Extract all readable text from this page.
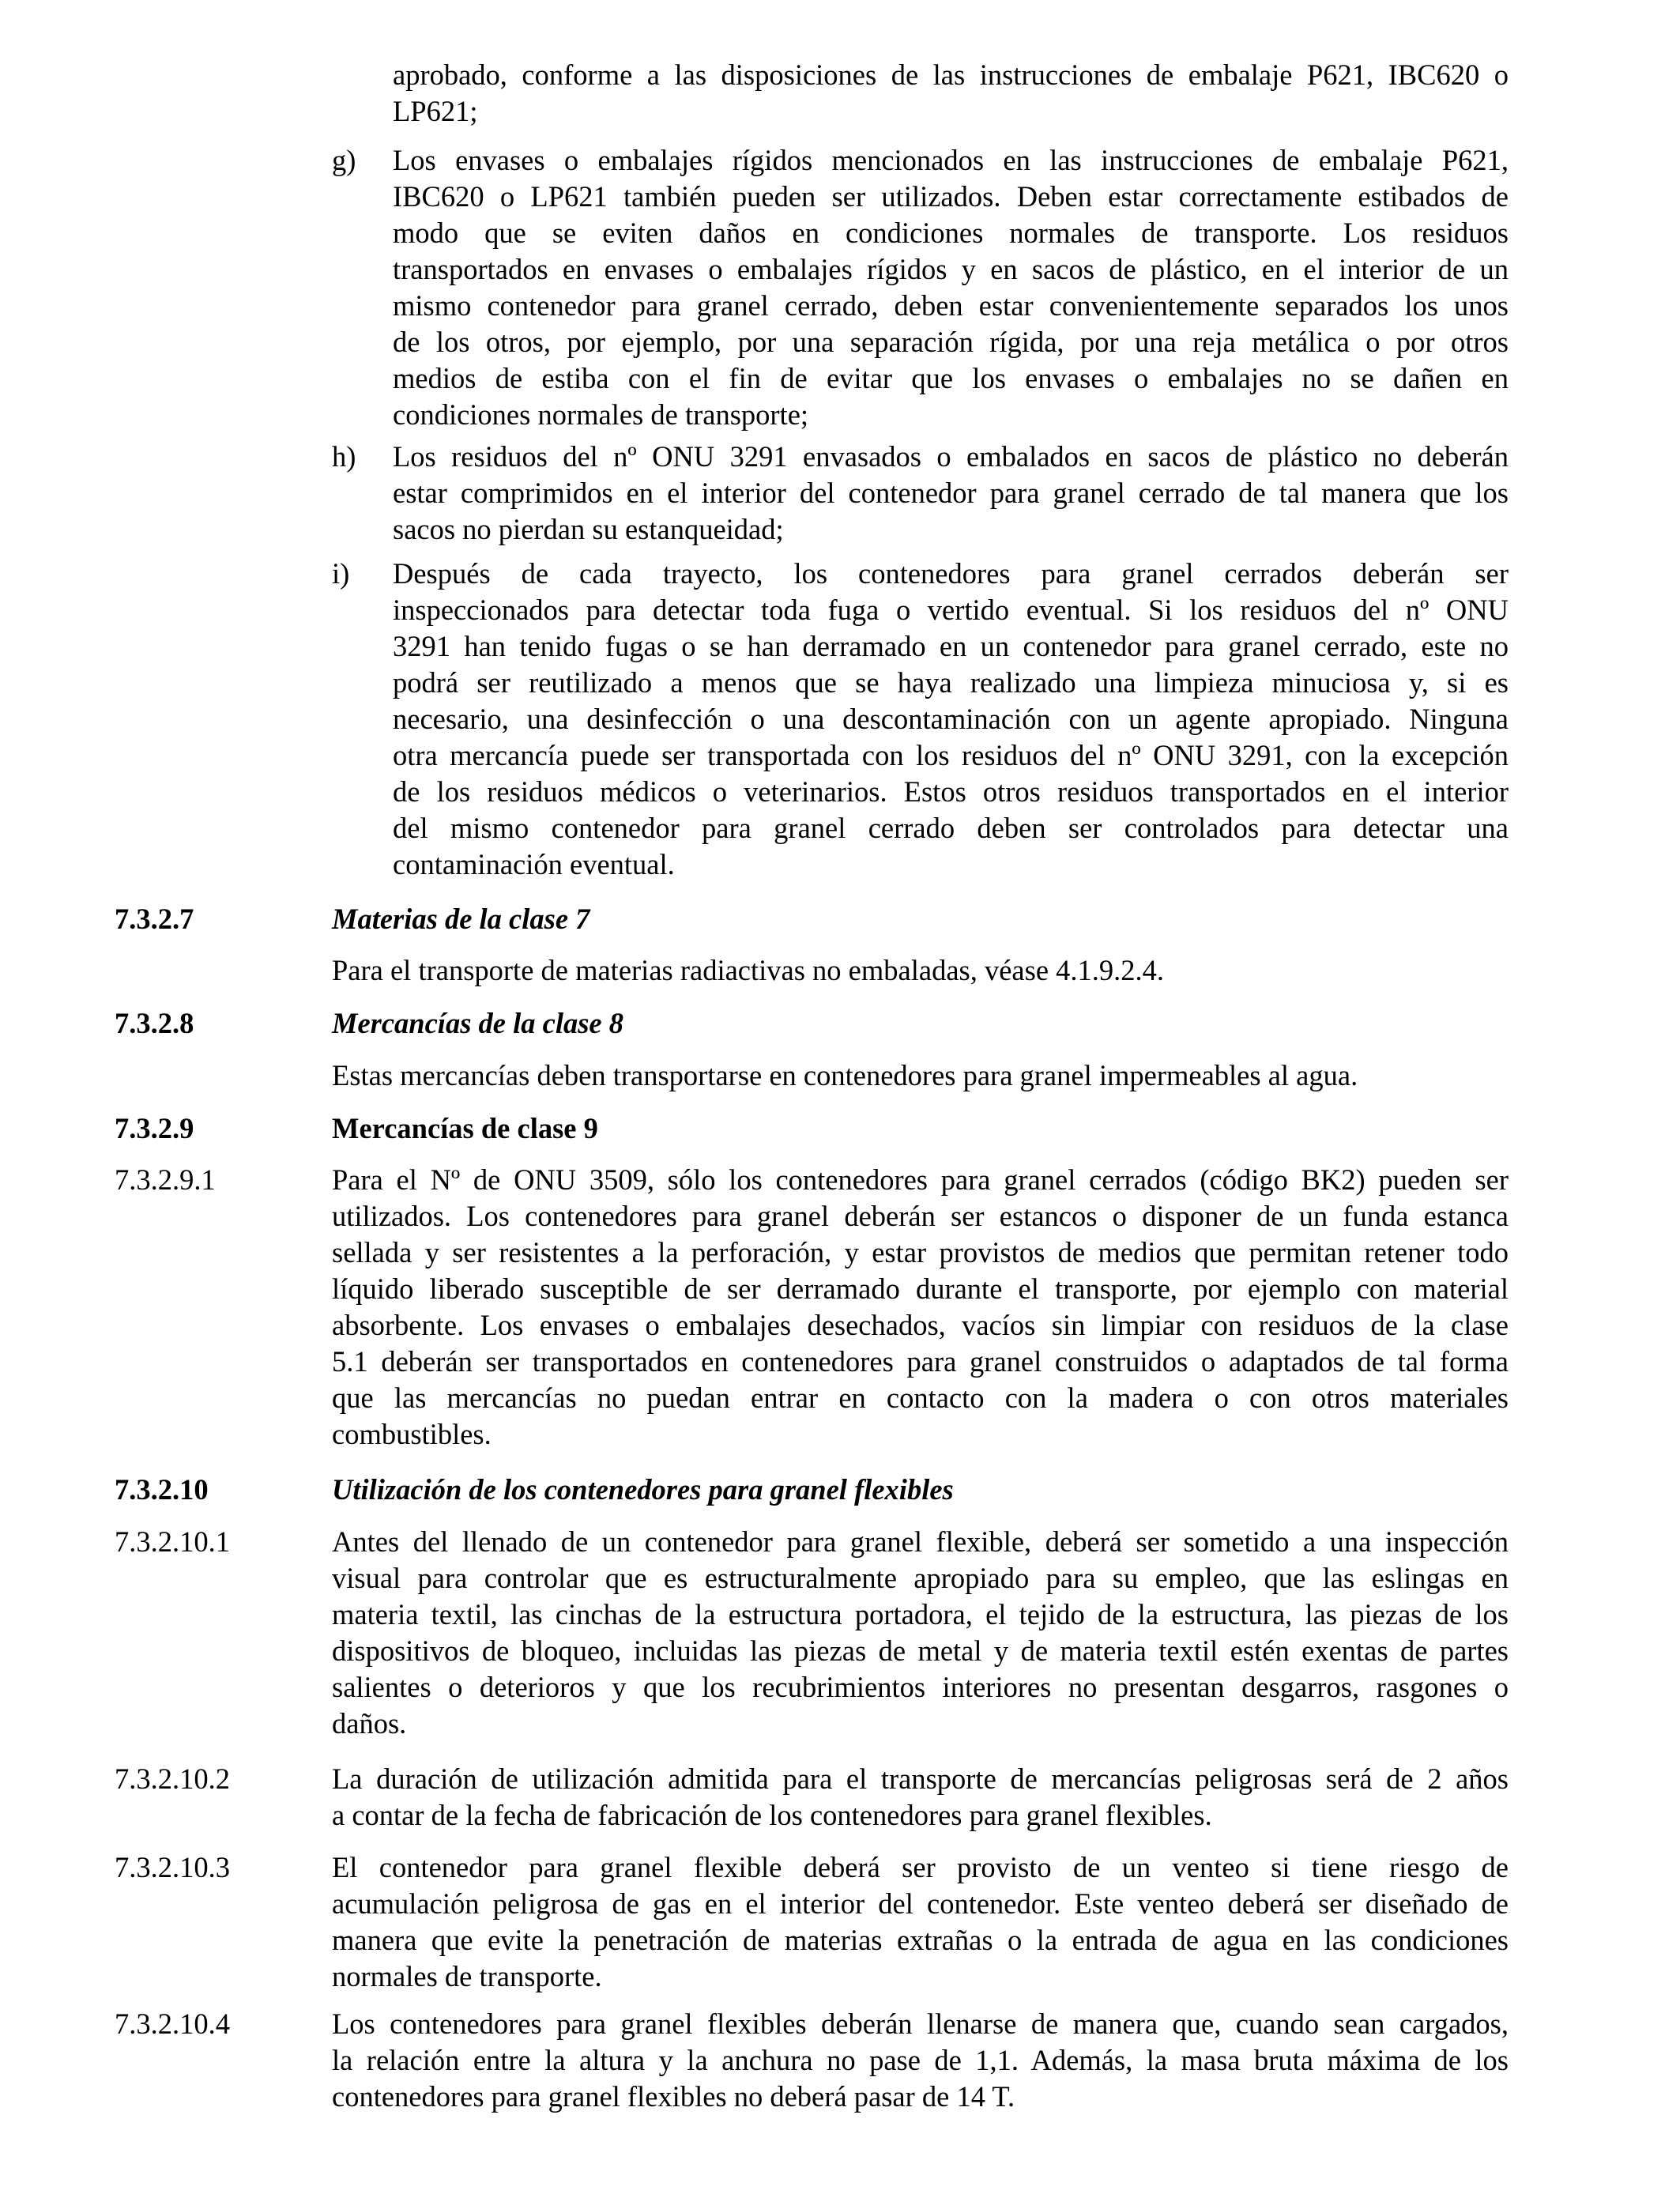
aprobado, conforme a las disposiciones de las instrucciones de embalaje P621, IBC620 o
LP621;
g) Los envases o embalajes rígidos mencionados en las instrucciones de embalaje P621,
IBC620 o LP621 también pueden ser utilizados. Deben estar correctamente estibados de
modo que se eviten daños en condiciones normales de transporte. Los residuos
transportados en envases o embalajes rígidos y en sacos de plástico, en el interior de un
mismo contenedor para granel cerrado, deben estar convenientemente separados los unos
de los otros, por ejemplo, por una separación rígida, por una reja metálica o por otros
medios de estiba con el fin de evitar que los envases o embalajes no se dañen en
condiciones normales de transporte;
h) Los residuos del nº ONU 3291 envasados o embalados en sacos de plástico no deberán
estar comprimidos en el interior del contenedor para granel cerrado de tal manera que los
sacos no pierdan su estanqueidad;
i) Después de cada trayecto, los contenedores para granel cerrados deberán ser
inspeccionados para detectar toda fuga o vertido eventual. Si los residuos del nº ONU
3291 han tenido fugas o se han derramado en un contenedor para granel cerrado, este no
podrá ser reutilizado a menos que se haya realizado una limpieza minuciosa y, si es
necesario, una desinfección o una descontaminación con un agente apropiado. Ninguna
otra mercancía puede ser transportada con los residuos del nº ONU 3291, con la excepción
de los residuos médicos o veterinarios. Estos otros residuos transportados en el interior
del mismo contenedor para granel cerrado deben ser controlados para detectar una
contaminación eventual.
7.3.2.7	Materias de la clase 7
Para el transporte de materias radiactivas no embaladas, véase 4.1.9.2.4.
7.3.2.8	Mercancías de la clase 8
Estas mercancías deben transportarse en contenedores para granel impermeables al agua.
7.3.2.9	Mercancías de clase 9
7.3.2.9.1	Para el Nº de ONU 3509, sólo los contenedores para granel cerrados (código BK2) pueden ser
utilizados. Los contenedores para granel deberán ser estancos o disponer de un funda estanca
sellada y ser resistentes a la perforación, y estar provistos de medios que permitan retener todo
líquido liberado susceptible de ser derramado durante el transporte, por ejemplo con material
absorbente. Los envases o embalajes desechados, vacíos sin limpiar con residuos de la clase
5.1 deberán ser transportados en contenedores para granel construidos o adaptados de tal forma
que las mercancías no puedan entrar en contacto con la madera o con otros materiales
combustibles.
7.3.2.10	Utilización de los contenedores para granel flexibles
7.3.2.10.1	Antes del llenado de un contenedor para granel flexible, deberá ser sometido a una inspección
visual para controlar que es estructuralmente apropiado para su empleo, que las eslingas en
materia textil, las cinchas de la estructura portadora, el tejido de la estructura, las piezas de los
dispositivos de bloqueo, incluidas las piezas de metal y de materia textil estén exentas de partes
salientes o deterioros y que los recubrimientos interiores no presentan desgarros, rasgones o
daños.
7.3.2.10.2	La duración de utilización admitida para el transporte de mercancías peligrosas será de 2 años
a contar de la fecha de fabricación de los contenedores para granel flexibles.
7.3.2.10.3	El contenedor para granel flexible deberá ser provisto de un venteo si tiene riesgo de
acumulación peligrosa de gas en el interior del contenedor. Este venteo deberá ser diseñado de
manera que evite la penetración de materias extrañas o la entrada de agua en las condiciones
normales de transporte.
7.3.2.10.4	Los contenedores para granel flexibles deberán llenarse de manera que, cuando sean cargados,
la relación entre la altura y la anchura no pase de 1,1. Además, la masa bruta máxima de los
contenedores para granel flexibles no deberá pasar de 14 T.
